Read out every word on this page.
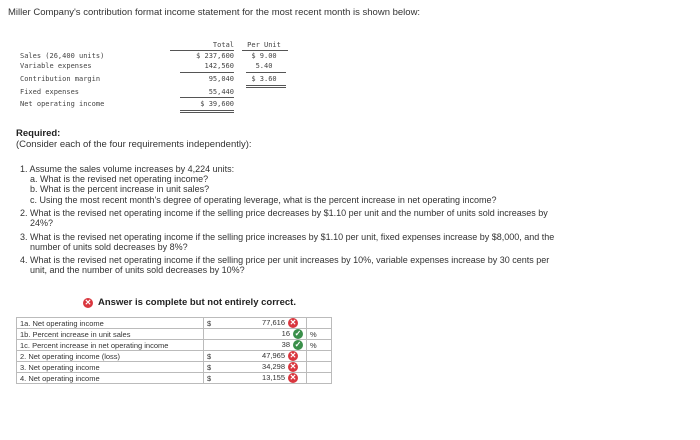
Miller Company's contribution format income statement for the most recent month is shown below:
Total	Per Unit
Sales (26,400 units)	$ 237,600	$ 9.00
Variable expenses	142,560	5.40
Contribution margin	95,040	$ 3.60
Fixed expenses	55,440
Net operating income	$ 39,600
Required:
(Consider each of the four requirements independently):
1. Assume the sales volume increases by 4,224 units:
a. What is the revised net operating income?
b. What is the percent increase in unit sales?
c. Using the most recent month's degree of operating leverage, what is the percent increase in net operating income?
2. What is the revised net operating income if the selling price decreases by $1.10 per unit and the number of units sold increases by
24%?
3. What is the revised net operating income if the selling price increases by $1.10 per unit, fixed expenses increase by $8,000, and the
number of units sold decreases by 8%?
4. What is the revised net operating income if the selling price per unit increases by 10%, variable expenses increase by 30 cents per
unit, and the number of units sold decreases by 10%?
✕ Answer is complete but not entirely correct.
1a. Net operating income	$	77,616 ✕	
1b. Percent increase in unit sales		16 ✓	%
1c. Percent increase in net operating income		38 ✓	%
2. Net operating income (loss)	$	47,965 ✕	
3. Net operating income	$	34,298 ✕	
4. Net operating income	$	13,155 ✕	
